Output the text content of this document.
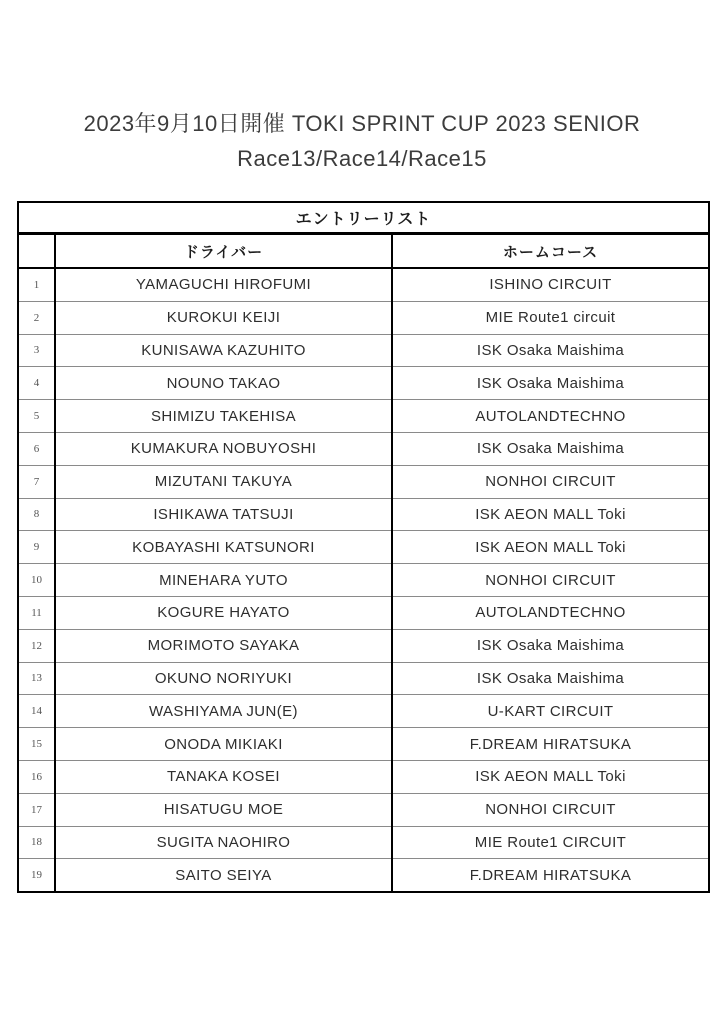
2023年9月10日開催 TOKI SPRINT CUP 2023 SENIOR
Race13/Race14/Race15
エントリーリスト		
	ドライバー	ホームコース
1	YAMAGUCHI HIROFUMI	ISHINO CIRCUIT
2	KUROKUI KEIJI	MIE Route1 circuit
3	KUNISAWA KAZUHITO	ISK Osaka Maishima
4	NOUNO TAKAO	ISK Osaka Maishima
5	SHIMIZU TAKEHISA	AUTOLANDTECHNO
6	KUMAKURA NOBUYOSHI	ISK Osaka Maishima
7	MIZUTANI TAKUYA	NONHOI CIRCUIT
8	ISHIKAWA TATSUJI	ISK AEON MALL Toki
9	KOBAYASHI KATSUNORI	ISK AEON MALL Toki
10	MINEHARA YUTO	NONHOI CIRCUIT
11	KOGURE HAYATO	AUTOLANDTECHNO
12	MORIMOTO SAYAKA	ISK Osaka Maishima
13	OKUNO NORIYUKI	ISK Osaka Maishima
14	WASHIYAMA JUN(E)	U-KART CIRCUIT
15	ONODA MIKIAKI	F.DREAM HIRATSUKA
16	TANAKA KOSEI	ISK AEON MALL Toki
17	HISATUGU MOE	NONHOI CIRCUIT
18	SUGITA NAOHIRO	MIE Route1 CIRCUIT
19	SAITO SEIYA	F.DREAM HIRATSUKA
